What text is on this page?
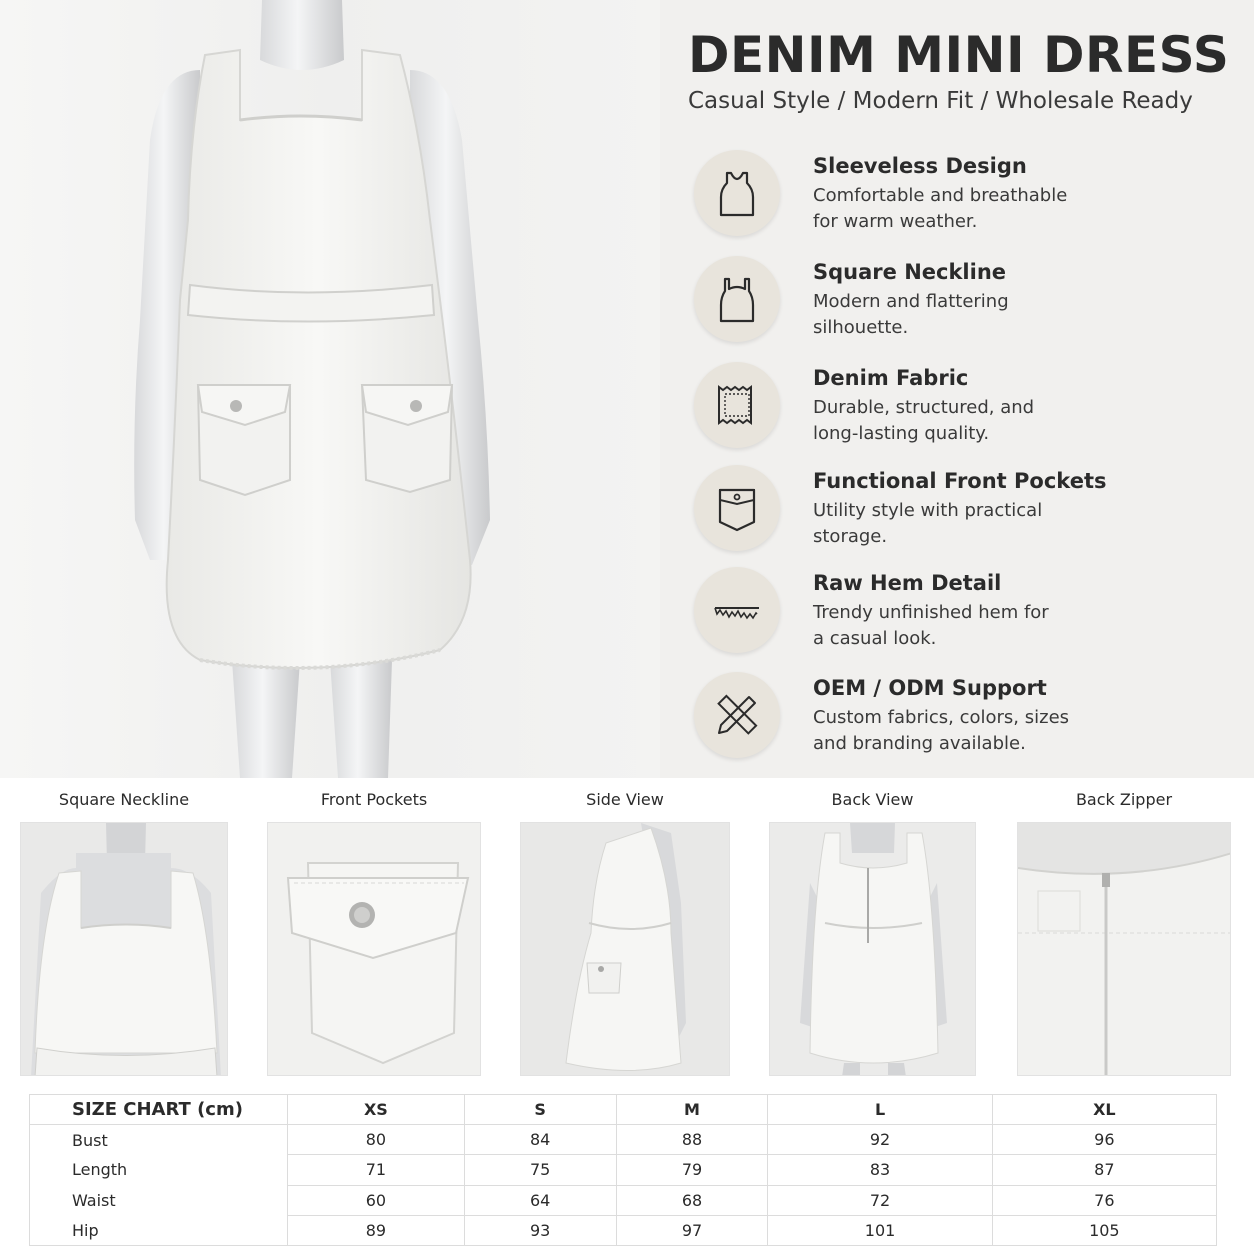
DENIM MINI DRESS
Casual Style / Modern Fit / Wholesale Ready
Sleeveless Design
Comfortable and breathable
for warm weather.
Square Neckline
Modern and flattering
silhouette.
Denim Fabric
Durable, structured, and
long-lasting quality.
Functional Front Pockets
Utility style with practical
storage.
Raw Hem Detail
Trendy unfinished hem for
a casual look.
OEM / ODM Support
Custom fabrics, colors, sizes
and branding available.
Square Neckline	Front Pockets	Side View	Back View	Back Zipper
SIZE CHART (cm)	XS	S	M	L	XL
Bust	80	84	88	92	96
Length	71	75	79	83	87
Waist	60	64	68	72	76
Hip	89	93	97	101	105
